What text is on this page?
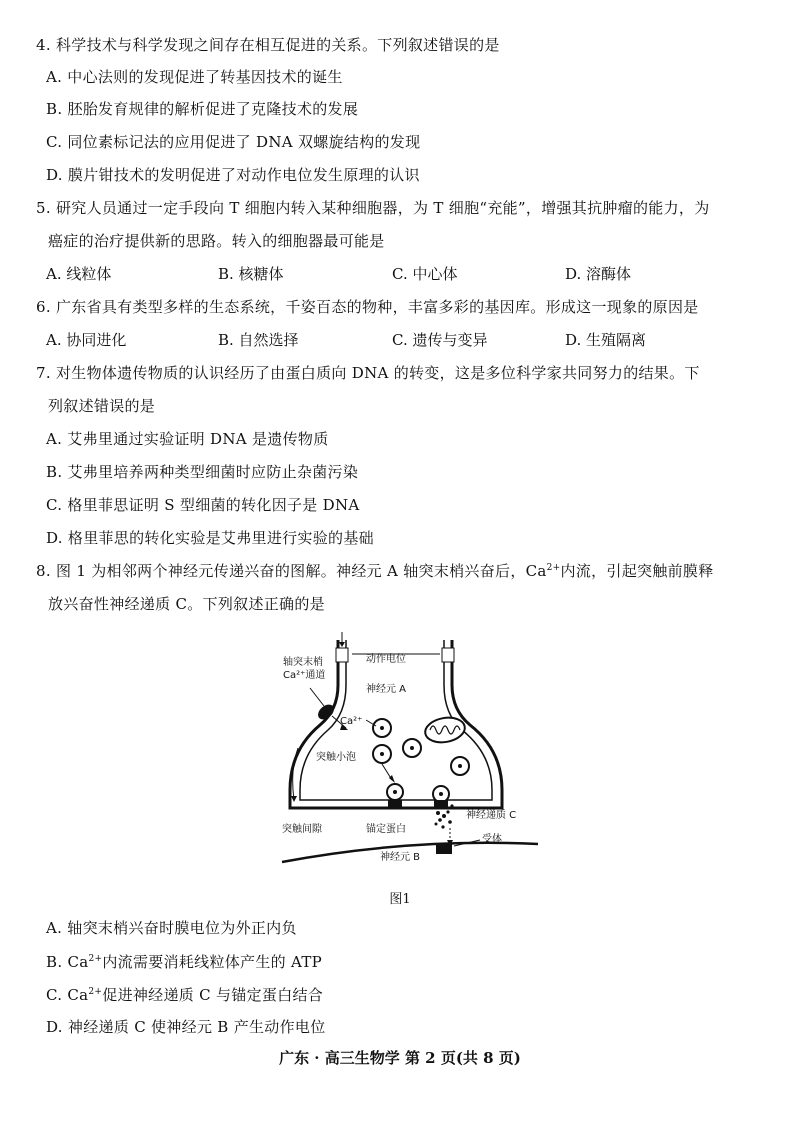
4. 科学技术与科学发现之间存在相互促进的关系。下列叙述错误的是
A. 中心法则的发现促进了转基因技术的诞生
B. 胚胎发育规律的解析促进了克隆技术的发展
C. 同位素标记法的应用促进了 DNA 双螺旋结构的发现
D. 膜片钳技术的发明促进了对动作电位发生原理的认识
5. 研究人员通过一定手段向 T 细胞内转入某种细胞器，为 T 细胞“充能”，增强其抗肿瘤的能力，为
癌症的治疗提供新的思路。转入的细胞器最可能是
A. 线粒体	B. 核糖体	C. 中心体	D. 溶酶体
6. 广东省具有类型多样的生态系统，千姿百态的物种，丰富多彩的基因库。形成这一现象的原因是
A. 协同进化	B. 自然选择	C. 遗传与变异	D. 生殖隔离
7. 对生物体遗传物质的认识经历了由蛋白质向 DNA 的转变，这是多位科学家共同努力的结果。下
列叙述错误的是
A. 艾弗里通过实验证明 DNA 是遗传物质
B. 艾弗里培养两种类型细菌时应防止杂菌污染
C. 格里菲思证明 S 型细菌的转化因子是 DNA
D. 格里菲思的转化实验是艾弗里进行实验的基础
8. 图 1 为相邻两个神经元传递兴奋的图解。神经元 A 轴突末梢兴奋后，$Ca^{2+}$内流，引起突触前膜释
放兴奋性神经递质 C。下列叙述正确的是
轴突末梢
Ca²⁺通道
动作电位
神经元 A
Ca²⁺
突触小泡
突触间隙	锚定蛋白
神经递质 C
受体
神经元 B
图1
A. 轴突末梢兴奋时膜电位为外正内负
B. $Ca^{2+}$内流需要消耗线粒体产生的 ATP
C. $Ca^{2+}$促进神经递质 C 与锚定蛋白结合
D. 神经递质 C 使神经元 B 产生动作电位
广东 · 高三生物学 第 2 页(共 8 页)
